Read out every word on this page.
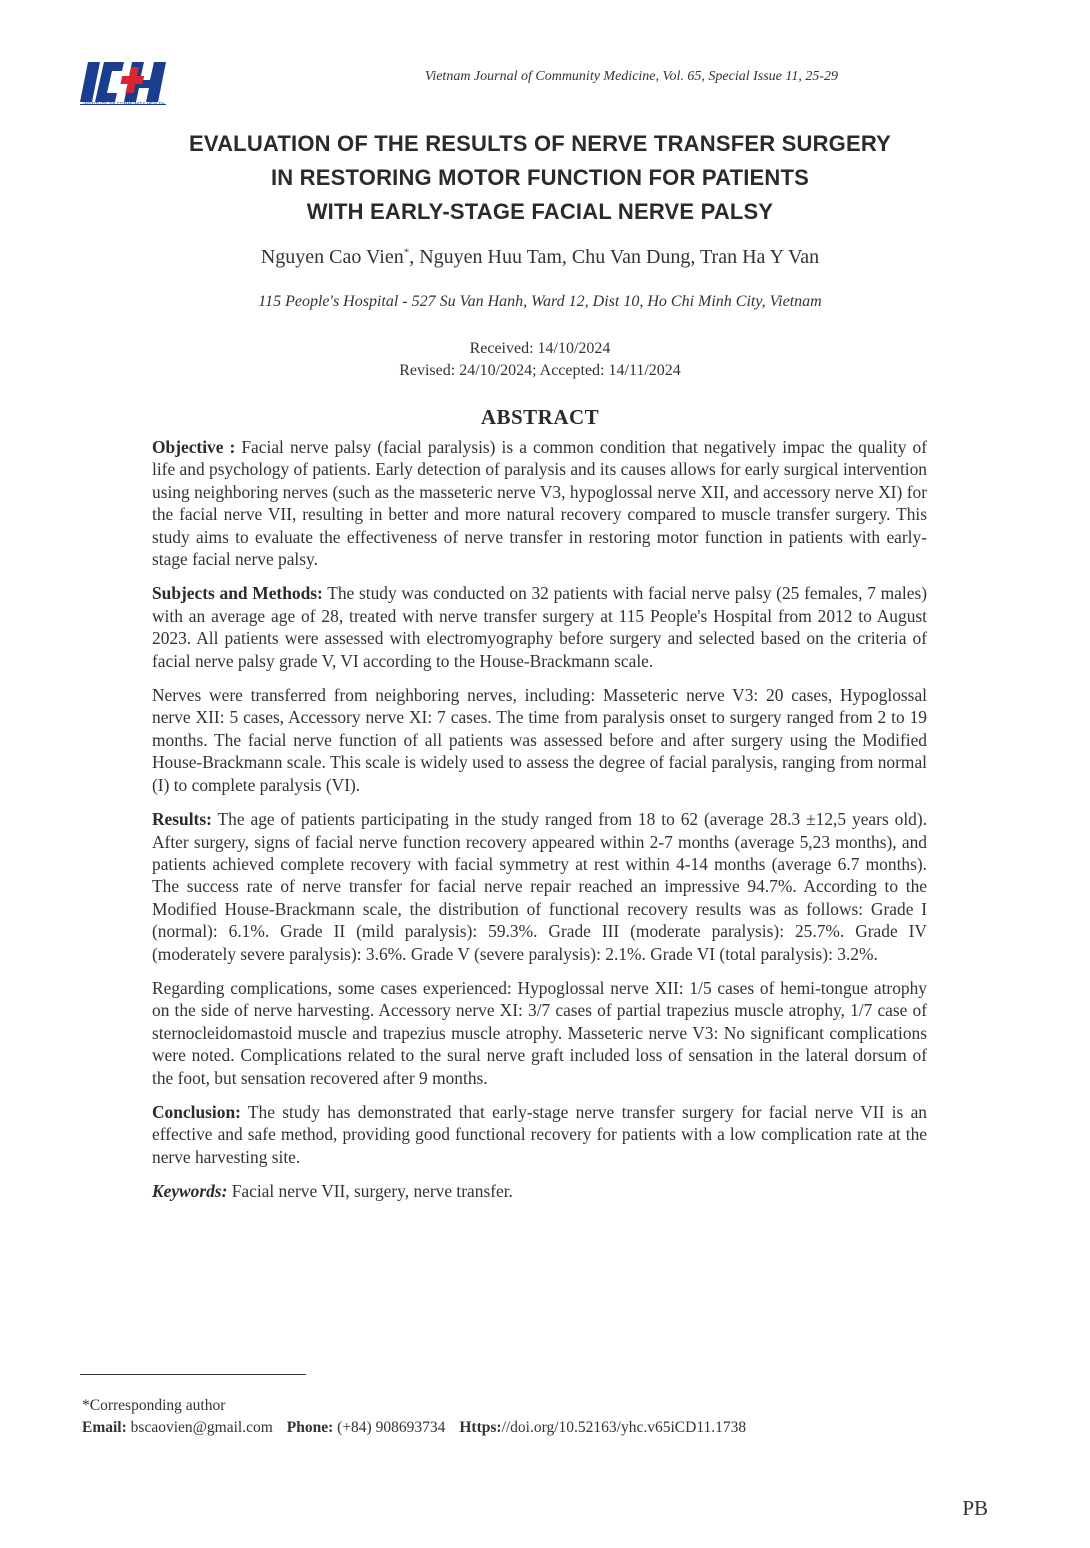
INSTITUTE OF COMMUNITY HEALTH
Vietnam Journal of Community Medicine, Vol. 65, Special Issue 11, 25-29
EVALUATION OF THE RESULTS OF NERVE TRANSFER SURGERY
IN RESTORING MOTOR FUNCTION FOR PATIENTS
WITH EARLY-STAGE FACIAL NERVE PALSY
Nguyen Cao Vien*, Nguyen Huu Tam, Chu Van Dung, Tran Ha Y Van
115 People's Hospital - 527 Su Van Hanh, Ward 12, Dist 10, Ho Chi Minh City, Vietnam
Received: 14/10/2024
Revised: 24/10/2024; Accepted: 14/11/2024
ABSTRACT

Objective : Facial nerve palsy (facial paralysis) is a common condition that negatively impac the quality of life and psychology of patients. Early detection of paralysis and its causes allows for early surgical intervention using neighboring nerves (such as the masseteric nerve V3, hypoglossal nerve XII, and accessory nerve XI) for the facial nerve VII, resulting in better and more natural recovery compared to muscle transfer surgery. This study aims to evaluate the effectiveness of nerve transfer in restoring motor function in patients with early-stage facial nerve palsy.

Subjects and Methods: The study was conducted on 32 patients with facial nerve palsy (25 females, 7 males) with an average age of 28, treated with nerve transfer surgery at 115 People's Hospital from 2012 to August 2023. All patients were assessed with electromyography before surgery and selected based on the criteria of facial nerve palsy grade V, VI according to the House-Brackmann scale.

Nerves were transferred from neighboring nerves, including: Masseteric nerve V3: 20 cases, Hypoglossal nerve XII: 5 cases, Accessory nerve XI: 7 cases. The time from paralysis onset to surgery ranged from 2 to 19 months. The facial nerve function of all patients was assessed before and after surgery using the Modified House-Brackmann scale. This scale is widely used to assess the degree of facial paralysis, ranging from normal (I) to complete paralysis (VI).

Results: The age of patients participating in the study ranged from 18 to 62 (average 28.3 ±12,5 years old). After surgery, signs of facial nerve function recovery appeared within 2-7 months (average 5,23 months), and patients achieved complete recovery with facial symmetry at rest within 4-14 months (average 6.7 months). The success rate of nerve transfer for facial nerve repair reached an impressive 94.7%. According to the Modified House-Brackmann scale, the distribution of functional recovery results was as follows: Grade I (normal): 6.1%. Grade II (mild paralysis): 59.3%. Grade III (moderate paralysis): 25.7%. Grade IV (moderately severe paralysis): 3.6%. Grade V (severe paralysis): 2.1%. Grade VI (total paralysis): 3.2%.

Regarding complications, some cases experienced: Hypoglossal nerve XII: 1/5 cases of hemi-tongue atrophy on the side of nerve harvesting. Accessory nerve XI: 3/7 cases of partial trapezius muscle atrophy, 1/7 case of sternocleidomastoid muscle and trapezius muscle atrophy. Masseteric nerve V3: No significant complications were noted. Complications related to the sural nerve graft included loss of sensation in the lateral dorsum of the foot, but sensation recovered after 9 months.

Conclusion: The study has demonstrated that early-stage nerve transfer surgery for facial nerve VII is an effective and safe method, providing good functional recovery for patients with a low complication rate at the nerve harvesting site.

Keywords: Facial nerve VII, surgery, nerve transfer.

*Corresponding author
Email: bscaovien@gmail.com Phone: (+84) 908693734 Https://doi.org/10.52163/yhc.v65iCD11.1738
PB
